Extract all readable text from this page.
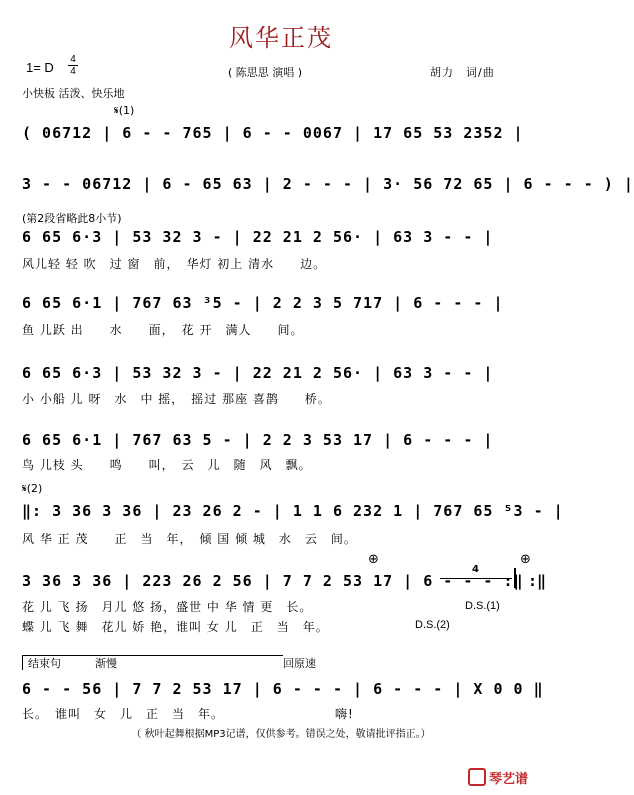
风华正茂
1= D
4
4	( 陈思思 演唱 )	胡力　词/曲
小快板 活泼、快乐地
𝄋(1)
( 06712 | 6 - - 765 | 6 - - 0067 | 17 65 53 2352 |
3 - - 06712 | 6 - 65 63 | 2 - - - | 3· 56 72 65 | 6 - - - ) |
(第2段省略此8小节)
6 65 6·3 | 53 32 3 - | 22 21 2 56· | 63 3 - - |
风儿轻 轻 吹　过 窗　前，　华灯 初上 清水　　边。
6 65 6·1 | 767 63 ³5 - | 2 2 3 5 717 | 6 - - - |
鱼 儿跃 出　　水　　面，　花 开　满人　　间。
6 65 6·3 | 53 32 3 - | 22 21 2 56· | 63 3 - - |
小 小船 儿 呀　水　中 摇，　摇过 那座 喜鹊　　桥。
6 65 6·1 | 767 63 5 - | 2 2 3 53 17 | 6 - - - |
鸟 儿枝 头　　鸣　　叫，　云　儿　随　风　飘。
𝄋(2)
‖: 3 36 3 36 | 23 26 2 - | 1 1 6 232 1 | 767 65 ⁵3 - |
风 华 正 茂　　正　当　年，　倾 国 倾 城　水　云　间。
⊕	⊕
3 36 3 36 | 223 26 2 56 | 7 7 2 53 17 | 6 - - - :‖
4
:‖
花 儿 飞 扬　月儿 悠 扬，盛世 中 华 情 更　长。
蝶 儿 飞 舞　花儿 娇 艳，谁叫 女 儿　正　当　年。
D.S.(1)
D.S.(2)
结束句	渐慢	回原速
6 - - 56 | 7 7 2 53 17 | 6 - - - | 6 - - - | X 0 0 ‖
长。　谁叫　女　儿　正　当　年。　　　　　　　　　嗨!
（ 秋叶起舞根据MP3记谱，仅供参考。错误之处，敬请批评指正。）
琴艺谱
